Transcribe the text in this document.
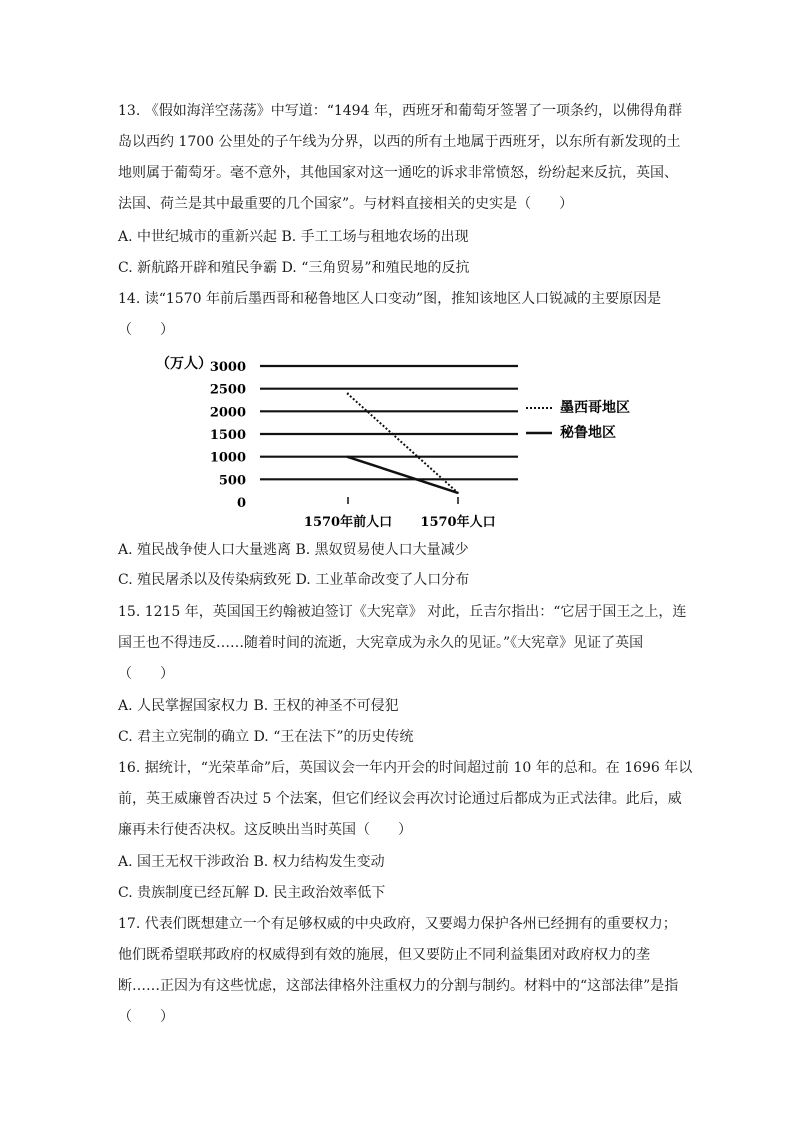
13. 《假如海洋空荡荡》中写道：“1494 年，西班牙和葡萄牙签署了一项条约，以佛得角群
岛以西约 1700 公里处的子午线为分界，以西的所有土地属于西班牙，以东所有新发现的土
地则属于葡萄牙。毫不意外，其他国家对这一通吃的诉求非常愤怒，纷纷起来反抗，英国、
法国、荷兰是其中最重要的几个国家”。与材料直接相关的史实是（　　）
A. 中世纪城市的重新兴起 B. 手工工场与租地农场的出现
C. 新航路开辟和殖民争霸 D. “三角贸易”和殖民地的反抗
14. 读“1570 年前后墨西哥和秘鲁地区人口变动”图，推知该地区人口锐减的主要原因是
（　　）
（万人）
0
500
1000
1500
2000
2500
3000
1570年前人口 1570年人口
墨西哥地区
秘鲁地区
A. 殖民战争使人口大量逃离 B. 黑奴贸易使人口大量减少
C. 殖民屠杀以及传染病致死 D. 工业革命改变了人口分布
15. 1215 年，英国国王约翰被迫签订《大宪章》 对此，丘吉尔指出：“它居于国王之上，连
国王也不得违反……随着时间的流逝，大宪章成为永久的见证。”《大宪章》见证了英国
（　　）
A. 人民掌握国家权力 B. 王权的神圣不可侵犯
C. 君主立宪制的确立 D. “王在法下”的历史传统
16. 据统计，“光荣革命”后，英国议会一年内开会的时间超过前 10 年的总和。在 1696 年以
前，英王威廉曾否决过 5 个法案，但它们经议会再次讨论通过后都成为正式法律。此后，威
廉再未行使否决权。这反映出当时英国（　　）
A. 国王无权干涉政治 B. 权力结构发生变动
C. 贵族制度已经瓦解 D. 民主政治效率低下
17. 代表们既想建立一个有足够权威的中央政府，又要竭力保护各州已经拥有的重要权力；
他们既希望联邦政府的权威得到有效的施展，但又要防止不同利益集团对政府权力的垄
断……正因为有这些忧虑，这部法律格外注重权力的分割与制约。材料中的“这部法律”是指
（　　）
